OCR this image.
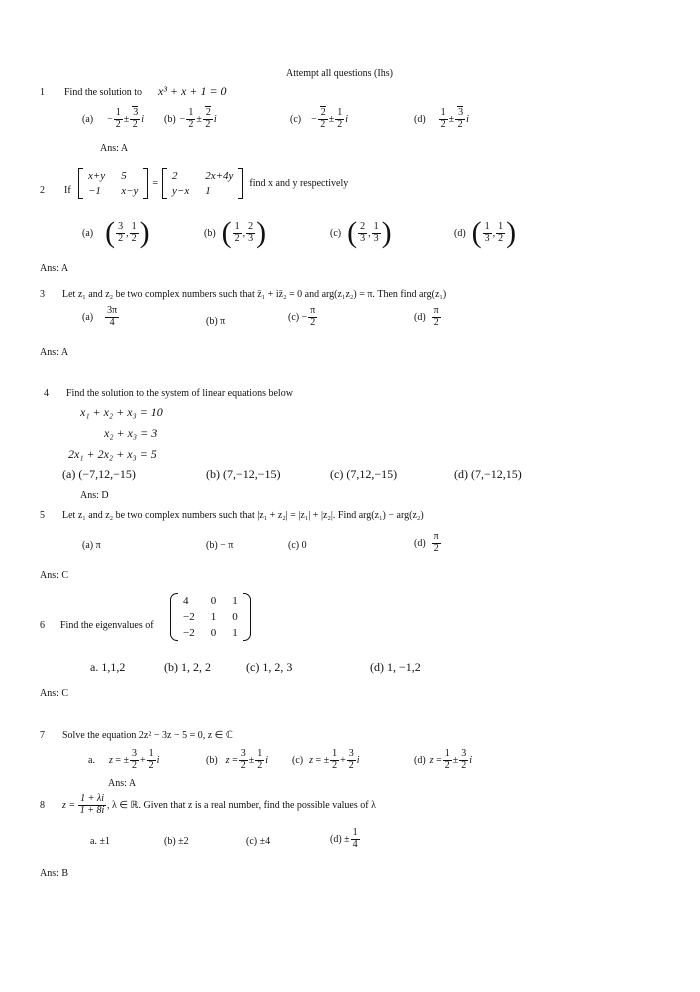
Attempt all questions (Ihs)
1 Find the solution to x³ + x + 1 = 0
$(a) - \frac{1}{2} \pm \frac{3}{2}$ i $(b) - \frac{1}{2} \pm \frac{2}{2}$ i	$(c) - \frac{2}{2} \pm \frac{1}{2}$ i	$(d) \frac{1}{2} \pm \frac{3}{2}$ i
Ans: A
2 If
x+y 5
−1	x−y
=
2	2x+4y
y−x 1
find x and y respectively
(a) ( $\frac{3}{2}$ , $\frac{1}{2}$ )	(b) ( $\frac{1}{2}$ , $\frac{2}{3}$ )	(c) ( $\frac{2}{3}$ , $\frac{1}{3}$ )	(d) ( $\frac{1}{3}$ , $\frac{1}{2}$ )
Ans: A
3 Let z₁ and z₂ be two complex numbers such that z̄₁ + iz̄₂ = 0 and arg(z₁z₂) = π. Then find arg(z₁)
$(a) \frac{3\pi}{4}$	(b) π	$(c) - \frac{\pi}{2}$	$(d) \frac{\pi}{2}$
Ans: A
4 Find the solution to the system of linear equations below
x₁ + x₂ + x₃ = 10
x₂ + x₃ = 3
2x₁ + 2x₂ + x₃ = 5
(a) (−7,12,−15)	(b) (7,−12,−15)	(c) (7,12,−15)	(d) (7,−12,15)
Ans: D
5 Let z₁ and z₂ be two complex numbers such that |z₁ + z₂| = |z₁| + |z₂|. Find arg(z₁) − arg(z₂)
(a) π	(b) − π	(c) 0	$(d) \frac{\pi}{2}$
Ans: C
6 Find the eigenvalues of
4	0 1
−2 1 0
−2 0 1
a. 1,1,2	(b) 1, 2, 2	(c) 1, 2, 3	(d) 1, −1,2
Ans: C
7 Solve the equation 2z² − 3z − 5 = 0, z ∈ ℂ
a. z = ± $\frac{3}{2} + \frac{1}{2}$ i	(b) $z = \frac{3}{2} \pm \frac{1}{2}$ i (c) z = ± $\frac{1}{2} + \frac{3}{2}$ i	(d) $z = \frac{1}{2} \pm \frac{3}{2}$ i
Ans: A
8 $z = \frac{1 + \lambda i}{1 + 8i}$ , λ ∈ ℝ. Given that z is a real number, find the possible values of λ
a. ±1	(b) ±2	(c) ±4	$(d) \pm \frac{1}{4}$
Ans: B
